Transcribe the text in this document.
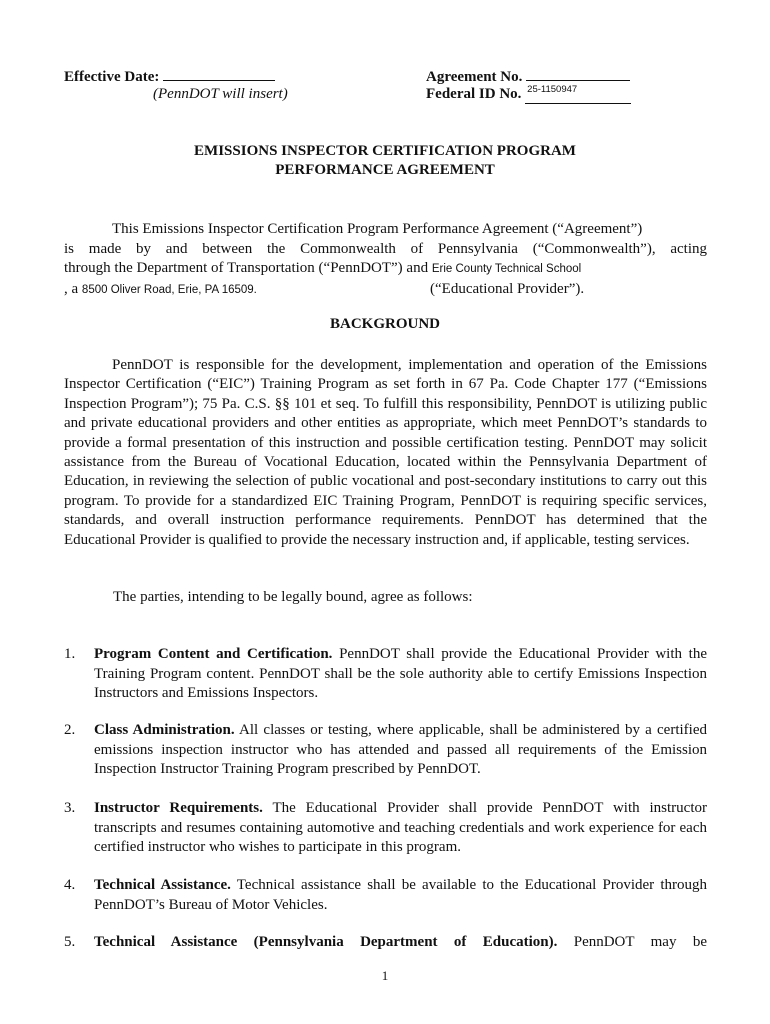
Effective Date:
(PennDOT will insert)
Agreement No.
Federal ID No. 25-1150947
EMISSIONS INSPECTOR CERTIFICATION PROGRAM
PERFORMANCE AGREEMENT
This Emissions Inspector Certification Program Performance Agreement (“Agreement”)
is made by and between the Commonwealth of Pennsylvania (“Commonwealth”), acting
through the Department of Transportation (“PennDOT”) and Erie County Technical School
, a 8500 Oliver Road, Erie, PA 16509.	(“Educational Provider”).
BACKGROUND

PennDOT is responsible for the development, implementation and operation of the Emissions Inspector Certification (“EIC”) Training Program as set forth in 67 Pa. Code Chapter 177 (“Emissions Inspection Program”); 75 Pa. C.S. §§ 101 et seq. To fulfill this responsibility, PennDOT is utilizing public and private educational providers and other entities as appropriate, which meet PennDOT’s standards to provide a formal presentation of this instruction and possible certification testing. PennDOT may solicit assistance from the Bureau of Vocational Education, located within the Pennsylvania Department of Education, in reviewing the selection of public vocational and post-secondary institutions to carry out this program. To provide for a standardized EIC Training Program, PennDOT is requiring specific services, standards, and overall instruction performance requirements. PennDOT has determined that the Educational Provider is qualified to provide the necessary instruction and, if applicable, testing services.

The parties, intending to be legally bound, agree as follows:
1.	Program Content and Certification. PennDOT shall provide the Educational Provider with the Training Program content. PennDOT shall be the sole authority able to certify Emissions Inspection Instructors and Emissions Inspectors.
2.	Class Administration. All classes or testing, where applicable, shall be administered by a certified emissions inspection instructor who has attended and passed all requirements of the Emission Inspection Instructor Training Program prescribed by PennDOT.
3.	Instructor Requirements. The Educational Provider shall provide PennDOT with instructor transcripts and resumes containing automotive and teaching credentials and work experience for each certified instructor who wishes to participate in this program.
4.	Technical Assistance. Technical assistance shall be available to the Educational Provider through PennDOT’s Bureau of Motor Vehicles.
5.	Technical Assistance (Pennsylvania Department of Education). PennDOT may be
1
